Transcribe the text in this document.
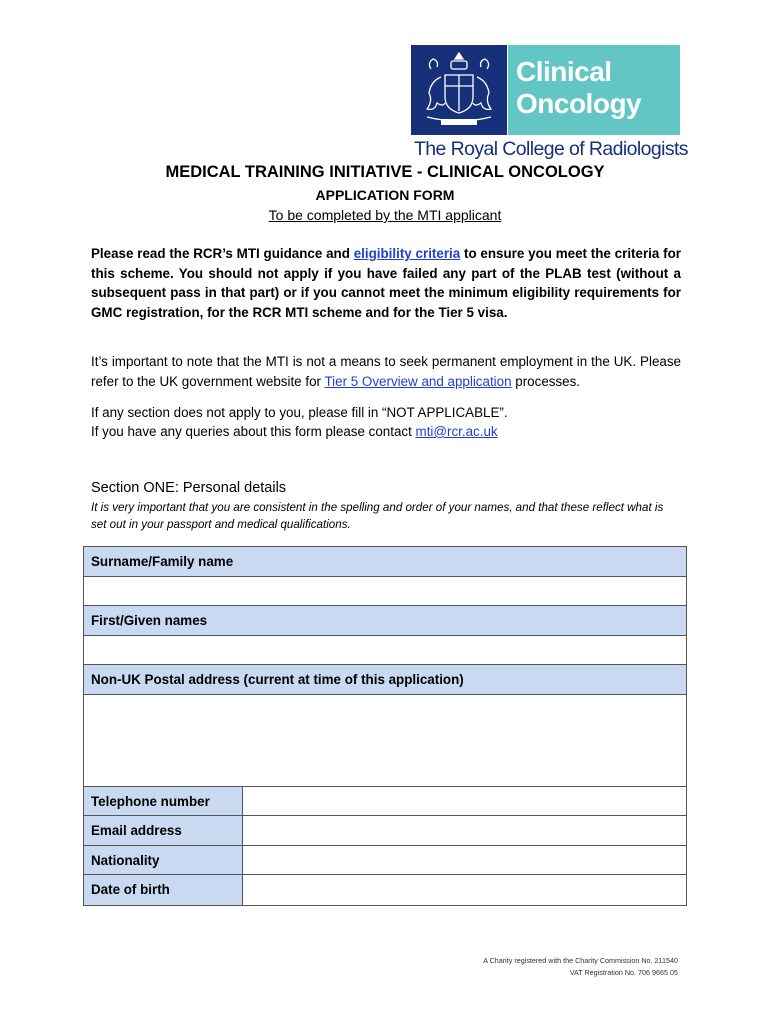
Clinical
Oncology
The Royal College of Radiologists
MEDICAL TRAINING INITIATIVE - CLINICAL ONCOLOGY
APPLICATION FORM
To be completed by the MTI applicant
Please read the RCR’s MTI guidance and eligibility criteria to ensure you meet the criteria for this scheme. You should not apply if you have failed any part of the PLAB test (without a subsequent pass in that part) or if you cannot meet the minimum eligibility requirements for GMC registration, for the RCR MTI scheme and for the Tier 5 visa.
It’s important to note that the MTI is not a means to seek permanent employment in the UK. Please refer to the UK government website for Tier 5 Overview and application processes.
If any section does not apply to you, please fill in “NOT APPLICABLE”.
If you have any queries about this form please contact mti@rcr.ac.uk
Section ONE: Personal details
It is very important that you are consistent in the spelling and order of your names, and that these reflect what is set out in your passport and medical qualifications.
Surname/Family name
First/Given names
Non-UK Postal address (current at time of this application)
Telephone number
Email address
Nationality
Date of birth
A Charity registered with the Charity Commission No. 211540
VAT Registration No. 706 9665 05
